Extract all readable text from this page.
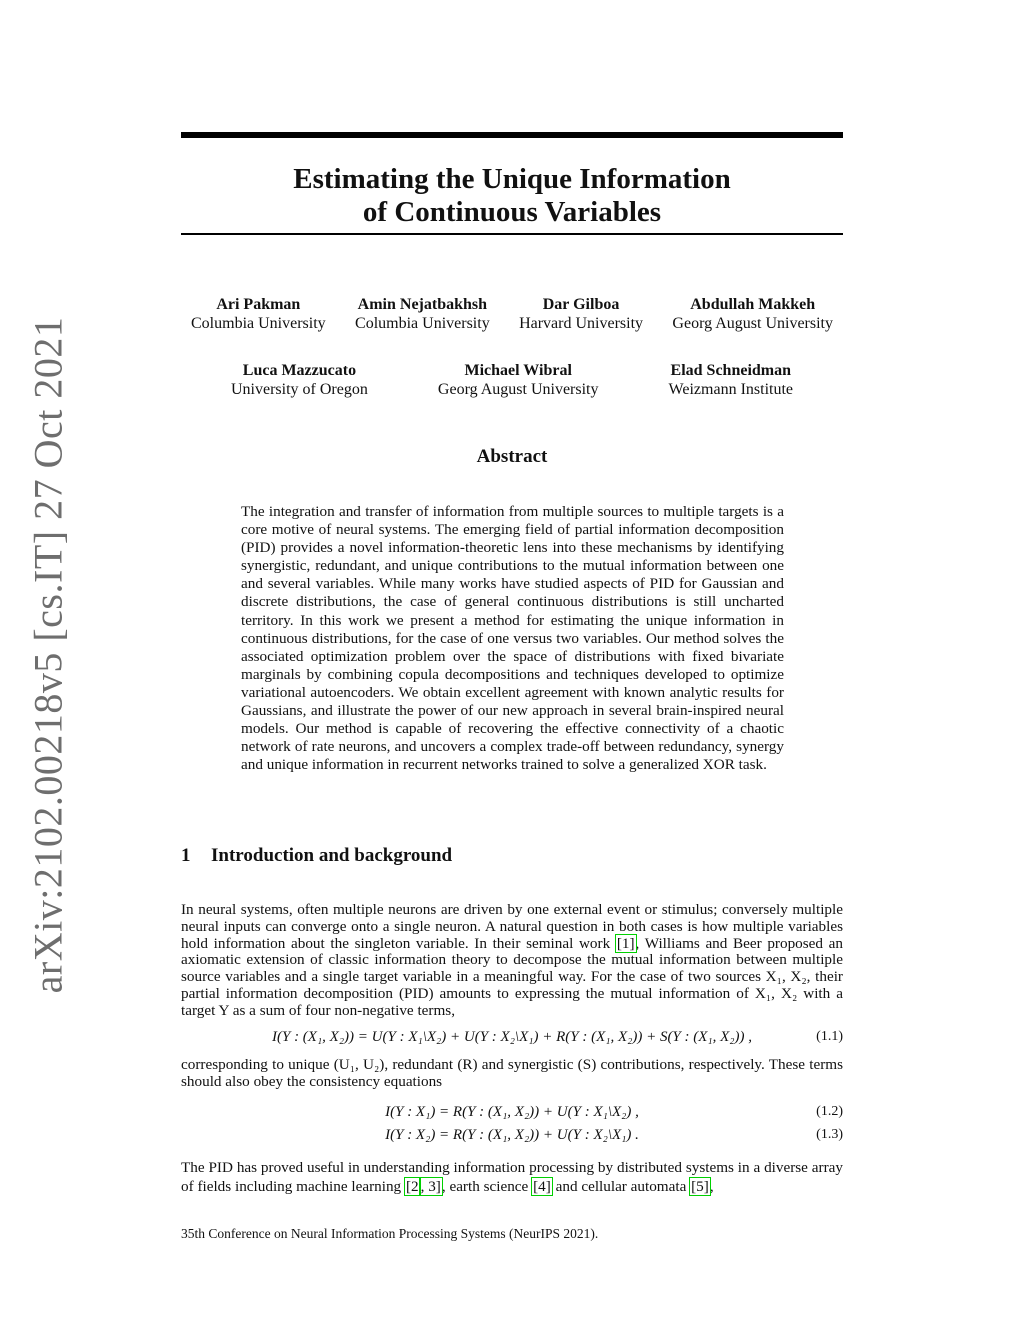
arXiv:2102.00218v5 [cs.IT] 27 Oct 2021
Estimating the Unique Information
of Continuous Variables
Ari Pakman
Columbia University
Amin Nejatbakhsh
Columbia University
Dar Gilboa
Harvard University
Abdullah Makkeh
Georg August University
Luca Mazzucato
University of Oregon
Michael Wibral
Georg August University
Elad Schneidman
Weizmann Institute
Abstract
The integration and transfer of information from multiple sources to multiple targets is a core motive of neural systems. The emerging field of partial information decomposition (PID) provides a novel information-theoretic lens into these mechanisms by identifying synergistic, redundant, and unique contributions to the mutual information between one and several variables. While many works have studied aspects of PID for Gaussian and discrete distributions, the case of general continuous distributions is still uncharted territory. In this work we present a method for estimating the unique information in continuous distributions, for the case of one versus two variables. Our method solves the associated optimization problem over the space of distributions with fixed bivariate marginals by combining copula decompositions and techniques developed to optimize variational autoencoders. We obtain excellent agreement with known analytic results for Gaussians, and illustrate the power of our new approach in several brain-inspired neural models. Our method is capable of recovering the effective connectivity of a chaotic network of rate neurons, and uncovers a complex trade-off between redundancy, synergy and unique information in recurrent networks trained to solve a generalized XOR task.
1 Introduction and background
In neural systems, often multiple neurons are driven by one external event or stimulus; conversely multiple neural inputs can converge onto a single neuron. A natural question in both cases is how multiple variables hold information about the singleton variable. In their seminal work [1], Williams and Beer proposed an axiomatic extension of classic information theory to decompose the mutual information between multiple source variables and a single target variable in a meaningful way. For the case of two sources X₁, X₂, their partial information decomposition (PID) amounts to expressing the mutual information of X₁, X₂ with a target Y as a sum of four non-negative terms,
I(Y : (X₁, X₂)) = U(Y : X₁\X₂) + U(Y : X₂\X₁) + R(Y : (X₁, X₂)) + S(Y : (X₁, X₂)) ,	(1.1)
corresponding to unique (U₁, U₂), redundant (R) and synergistic (S) contributions, respectively. These terms should also obey the consistency equations
I(Y : X₁) = R(Y : (X₁, X₂)) + U(Y : X₁\X₂) ,	(1.2)
I(Y : X₂) = R(Y : (X₁, X₂)) + U(Y : X₂\X₁) .	(1.3)
The PID has proved useful in understanding information processing by distributed systems in a diverse array of fields including machine learning [2 , 3], earth science [4] and cellular automata [5],
35th Conference on Neural Information Processing Systems (NeurIPS 2021).
